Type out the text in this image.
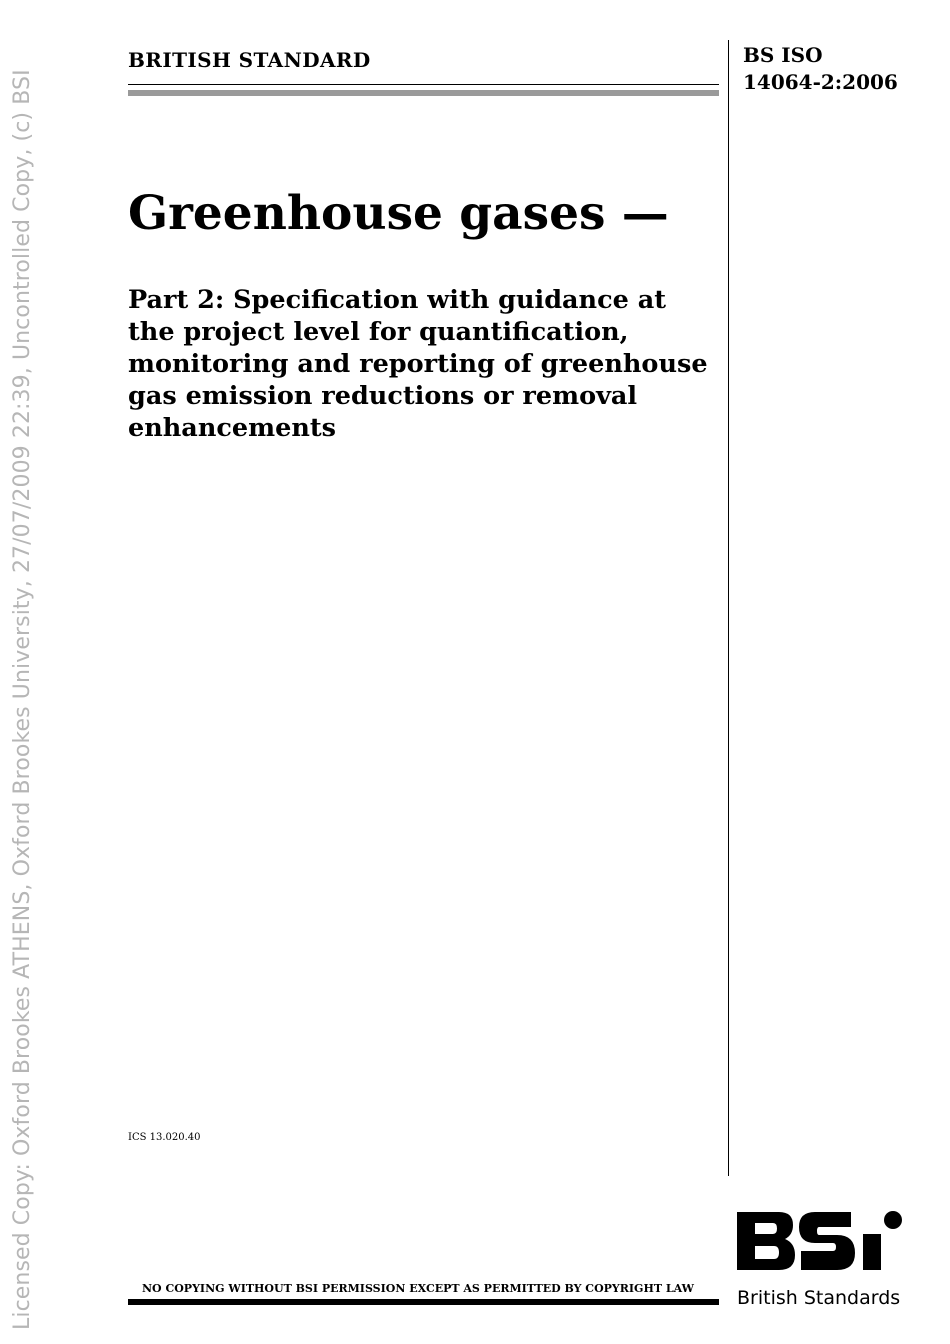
Licensed Copy: Oxford Brookes ATHENS, Oxford Brookes University, 27/07/2009 22:39, Uncontrolled Copy, (c) BSI
BRITISH STANDARD	BS ISO
14064-2:2006
Greenhouse gases —
Part 2: Specification with guidance at the project level for quantification, monitoring and reporting of greenhouse gas emission reductions or removal enhancements
ICS 13.020.40
NO COPYING WITHOUT BSI PERMISSION EXCEPT AS PERMITTED BY COPYRIGHT LAW British Standards
